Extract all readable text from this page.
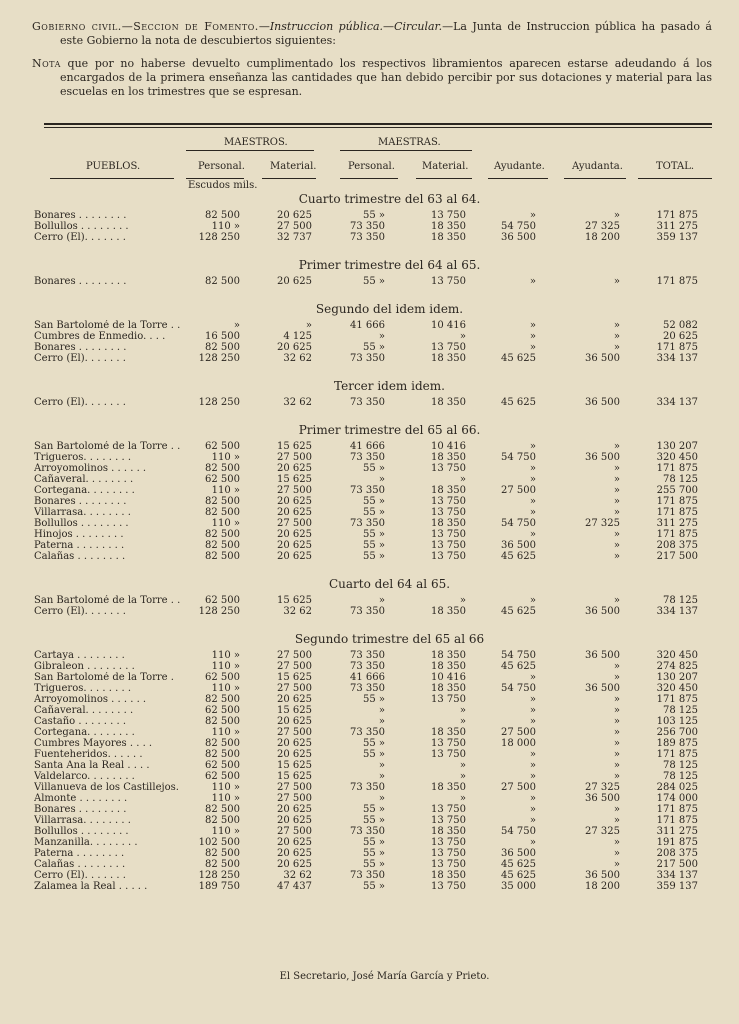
Gobierno civil.—Seccion de Fomento.—Instruccion pública.—Circular.—La Junta de Instruccion pública ha pasado á este Gobierno la nota de descubiertos siguientes:

Nota que por no haberse devuelto cumplimentado los respectivos libramientos aparecen estarse adeudando á los encargados de la primera enseñanza las cantidades que han debido percibir por sus dotaciones y material para las escuelas en los trimestres que se espresan.

MAESTROS.	MAESTRAS.
PUEBLOS.	Personal.	Material.	Personal.	Material.	Ayudante.	Ayudanta.	TOTAL.
Escudos mils.
Cuarto trimestre del 63 al 64.
Bonares . . . . . . . .	82 500	20 625	55 »	13 750	»	»	171 875
Bollullos . . . . . . . .	110 »	27 500	73 350	18 350	54 750	27 325	311 275
Cerro (El). . . . . . .	128 250	32 737	73 350	18 350	36 500	18 200	359 137
Primer trimestre del 64 al 65.
Bonares . . . . . . . .	82 500	20 625	55 »	13 750	»	»	171 875
Segundo del idem idem.
San Bartolomé de la Torre . .	»	»	41 666	10 416	»	»	52 082
Cumbres de Enmedio. . . .	16 500	4 125	»	»	»	»	20 625
Bonares . . . . . . . .	82 500	20 625	55 »	13 750	»	»	171 875
Cerro (El). . . . . . .	128 250	32 62	73 350	18 350	45 625	36 500	334 137
Tercer idem idem.
Cerro (El). . . . . . .	128 250	32 62	73 350	18 350	45 625	36 500	334 137
Primer trimestre del 65 al 66.
San Bartolomé de la Torre . .	62 500	15 625	41 666	10 416	»	»	130 207
Trigueros. . . . . . . .	110 »	27 500	73 350	18 350	54 750	36 500	320 450
Arroyomolinos . . . . . .	82 500	20 625	55 »	13 750	»	»	171 875
Cañaveral. . . . . . . .	62 500	15 625	»	»	»	»	78 125
Cortegana. . . . . . . .	110 »	27 500	73 350	18 350	27 500	»	255 700
Bonares . . . . . . . .	82 500	20 625	55 »	13 750	»	»	171 875
Villarrasa. . . . . . . .	82 500	20 625	55 »	13 750	»	»	171 875
Bollullos . . . . . . . .	110 »	27 500	73 350	18 350	54 750	27 325	311 275
Hinojos . . . . . . . .	82 500	20 625	55 »	13 750	»	»	171 875
Paterna . . . . . . . .	82 500	20 625	55 »	13 750	36 500	»	208 375
Calañas . . . . . . . .	82 500	20 625	55 »	13 750	45 625	»	217 500
Cuarto del 64 al 65.
San Bartolomé de la Torre . .	62 500	15 625	»	»	»	»	78 125
Cerro (El). . . . . . .	128 250	32 62	73 350	18 350	45 625	36 500	334 137
Segundo trimestre del 65 al 66
Cartaya . . . . . . . .	110 »	27 500	73 350	18 350	54 750	36 500	320 450
Gibraleon . . . . . . . .	110 »	27 500	73 350	18 350	45 625	»	274 825
San Bartolomé de la Torre .	62 500	15 625	41 666	10 416	»	»	130 207
Trigueros. . . . . . . .	110 »	27 500	73 350	18 350	54 750	36 500	320 450
Arroyomolinos . . . . . .	82 500	20 625	55 »	13 750	»	»	171 875
Cañaveral. . . . . . . .	62 500	15 625	»	»	»	»	78 125
Castaño . . . . . . . .	82 500	20 625	»	»	»	»	103 125
Cortegana. . . . . . . .	110 »	27 500	73 350	18 350	27 500	»	256 700
Cumbres Mayores . . . .	82 500	20 625	55 »	13 750	18 000	»	189 875
Fuenteheridos. . . . . .	82 500	20 625	55 »	13 750	»	»	171 875
Santa Ana la Real . . . .	62 500	15 625	»	»	»	»	78 125
Valdelarco. . . . . . . .	62 500	15 625	»	»	»	»	78 125
Villanueva de los Castillejos.	110 »	27 500	73 350	18 350	27 500	27 325	284 025
Almonte . . . . . . . .	110 »	27 500	»	»	»	36 500	174 000
Bonares . . . . . . . .	82 500	20 625	55 »	13 750	»	»	171 875
Villarrasa. . . . . . . .	82 500	20 625	55 »	13 750	»	»	171 875
Bollullos . . . . . . . .	110 »	27 500	73 350	18 350	54 750	27 325	311 275
Manzanilla. . . . . . . .	102 500	20 625	55 »	13 750	»	»	191 875
Paterna . . . . . . . .	82 500	20 625	55 »	13 750	36 500	»	208 375
Calañas . . . . . . . .	82 500	20 625	55 »	13 750	45 625	»	217 500
Cerro (El). . . . . . .	128 250	32 62	73 350	18 350	45 625	36 500	334 137
Zalamea la Real . . . . .	189 750	47 437	55 »	13 750	35 000	18 200	359 137
El Secretario, José María García y Prieto.
